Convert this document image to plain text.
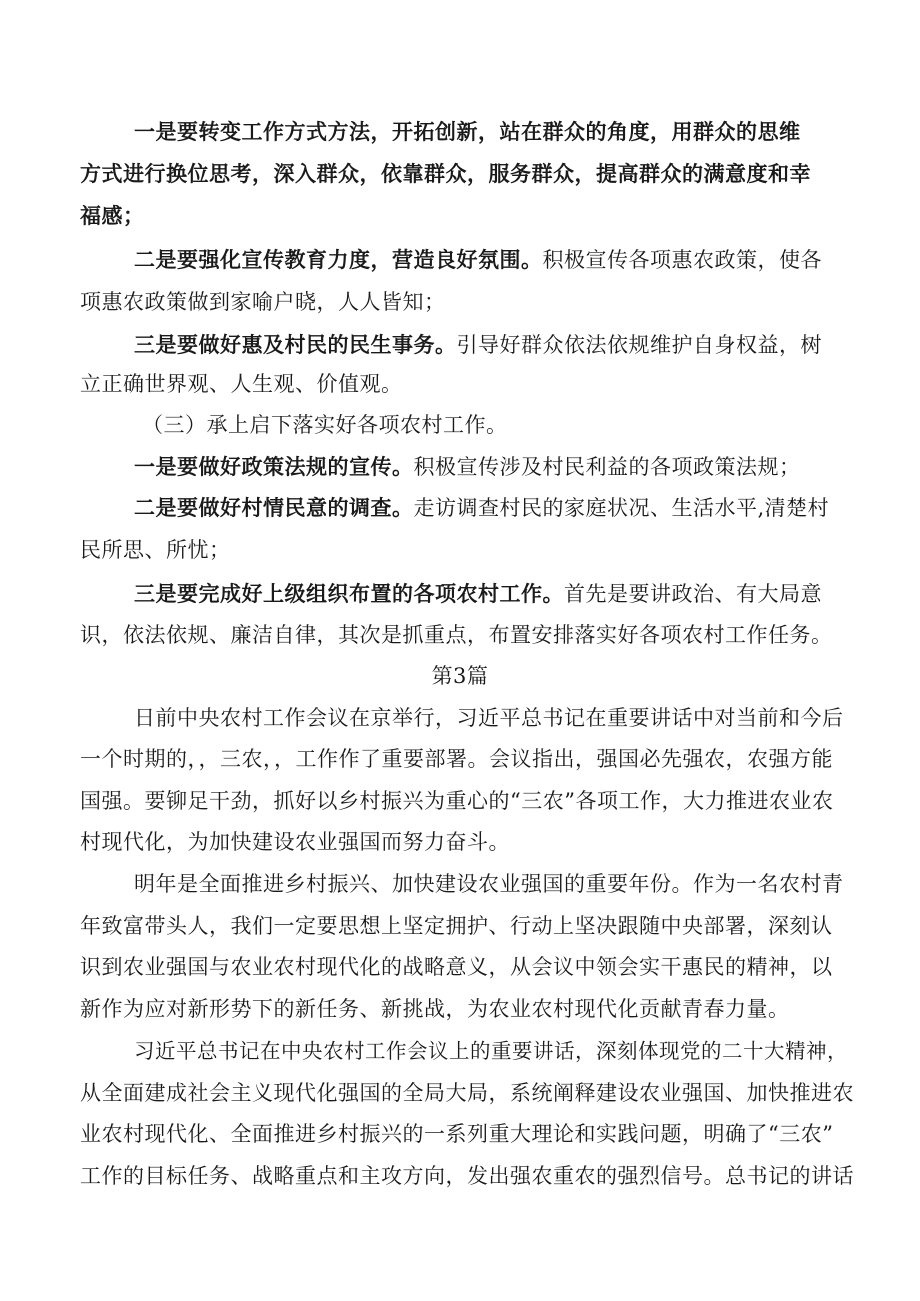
一是要转变工作方式方法，开拓创新，站在群众的角度，用群众的思维
方式进行换位思考，深入群众，依靠群众，服务群众，提高群众的满意度和幸
福感；
二是要强化宣传教育力度，营造良好氛围。积极宣传各项惠农政策，使各
项惠农政策做到家喻户晓，人人皆知；
三是要做好惠及村民的民生事务。引导好群众依法依规维护自身权益，树
立正确世界观、人生观、价值观。
（三）承上启下落实好各项农村工作。
一是要做好政策法规的宣传。积极宣传涉及村民利益的各项政策法规；
二是要做好村情民意的调查。走访调查村民的家庭状况、生活水平,清楚村
民所思、所忧；
三是要完成好上级组织布置的各项农村工作。首先是要讲政治、有大局意
识，依法依规、廉洁自律，其次是抓重点，布置安排落实好各项农村工作任务。
第3篇
日前中央农村工作会议在京举行，习近平总书记在重要讲话中对当前和今后
一个时期的，，三农，，工作作了重要部署。会议指出，强国必先强农，农强方能
国强。要铆足干劲，抓好以乡村振兴为重心的“三农”各项工作，大力推进农业农
村现代化，为加快建设农业强国而努力奋斗。
明年是全面推进乡村振兴、加快建设农业强国的重要年份。作为一名农村青
年致富带头人，我们一定要思想上坚定拥护、行动上坚决跟随中央部署，深刻认
识到农业强国与农业农村现代化的战略意义，从会议中领会实干惠民的精神，以
新作为应对新形势下的新任务、新挑战，为农业农村现代化贡献青春力量。
习近平总书记在中央农村工作会议上的重要讲话，深刻体现党的二十大精神，
从全面建成社会主义现代化强国的全局大局，系统阐释建设农业强国、加快推进农
业农村现代化、全面推进乡村振兴的一系列重大理论和实践问题，明确了“三农”
工作的目标任务、战略重点和主攻方向，发出强农重农的强烈信号。总书记的讲话
